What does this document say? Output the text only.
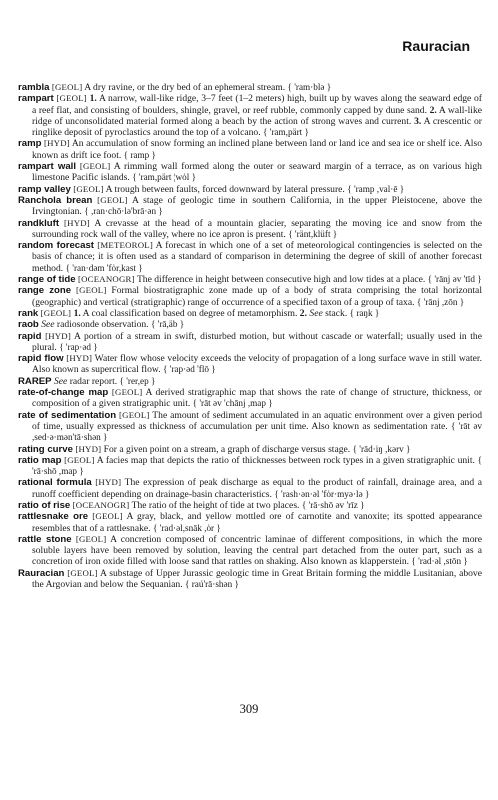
Rauracian

rambla [GEOL] A dry ravine, or the dry bed of an ephemeral stream. { 'ram·blə }

rampart [GEOL] 1. A narrow, wall-like ridge, 3–7 feet (1–2 meters) high, built up by waves along the seaward edge of a reef flat, and consisting of boulders, shingle, gravel, or reef rubble, commonly capped by dune sand. 2. A wall-like ridge of unconsolidated material formed along a beach by the action of strong waves and current. 3. A crescentic or ringlike deposit of pyroclastics around the top of a volcano. { 'ram,pärt }

ramp [HYD] An accumulation of snow forming an inclined plane between land or land ice and sea ice or shelf ice. Also known as drift ice foot. { ramp }

rampart wall [GEOL] A rimming wall formed along the outer or seaward margin of a terrace, as on various high limestone Pacific islands. { 'ram,pärt ¦wȯl }

ramp valley [GEOL] A trough between faults, forced downward by lateral pressure. { 'ramp ,val·ē }

Ranchola brean [GEOL] A stage of geologic time in southern California, in the upper Pleistocene, above the Irvingtonian. { ,ran·chō·lə'brā·ən }

randkluft [HYD] A crevasse at the head of a mountain glacier, separating the moving ice and snow from the surrounding rock wall of the valley, where no ice apron is present. { 'ränt,klüft }

random forecast [METEOROL] A forecast in which one of a set of meteorological contingencies is selected on the basis of chance; it is often used as a standard of comparison in determining the degree of skill of another forecast method. { 'ran·dəm 'fȯr,kast }

range of tide [OCEANOGR] The difference in height between consecutive high and low tides at a place. { 'rānj əv 'tīd }

range zone [GEOL] Formal biostratigraphic zone made up of a body of strata comprising the total horizontal (geographic) and vertical (stratigraphic) range of occurrence of a specified taxon of a group of taxa. { 'rānj ,zōn }

rank [GEOL] 1. A coal classification based on degree of metamorphism. 2. See stack. { raŋk }

raob See radiosonde observation. { 'rā,äb }

rapid [HYD] A portion of a stream in swift, disturbed motion, but without cascade or waterfall; usually used in the plural. { 'rap·əd }

rapid flow [HYD] Water flow whose velocity exceeds the velocity of propagation of a long surface wave in still water. Also known as supercritical flow. { 'rap·əd 'flō }

RAREP See radar report. { 'rer,ep }

rate-of-change map [GEOL] A derived stratigraphic map that shows the rate of change of structure, thickness, or composition of a given stratigraphic unit. { 'rāt əv 'chānj ,map }

rate of sedimentation [GEOL] The amount of sediment accumulated in an aquatic environment over a given period of time, usually expressed as thickness of accumulation per unit time. Also known as sedimentation rate. { 'rāt əv ,sed·ə·mən'tā·shən }

rating curve [HYD] For a given point on a stream, a graph of discharge versus stage. { 'rād·iŋ ,kərv }

ratio map [GEOL] A facies map that depicts the ratio of thicknesses between rock types in a given stratigraphic unit. { 'rā·shō ,map }

rational formula [HYD] The expression of peak discharge as equal to the product of rainfall, drainage area, and a runoff coefficient depending on drainage-basin characteristics. { 'rash·ən·əl 'fȯr·myə·lə }

ratio of rise [OCEANOGR] The ratio of the height of tide at two places. { 'rā·shō əv 'rīz }

rattlesnake ore [GEOL] A gray, black, and yellow mottled ore of carnotite and vanoxite; its spotted appearance resembles that of a rattlesnake. { 'rad·əl,snāk ,ȯr }

rattle stone [GEOL] A concretion composed of concentric laminae of different compositions, in which the more soluble layers have been removed by solution, leaving the central part detached from the outer part, such as a concretion of iron oxide filled with loose sand that rattles on shaking. Also known as klapperstein. { 'rad·əl ,stōn }

Rauracian [GEOL] A substage of Upper Jurassic geologic time in Great Britain forming the middle Lusitanian, above the Argovian and below the Sequanian. { raú'rā·shən }

309
